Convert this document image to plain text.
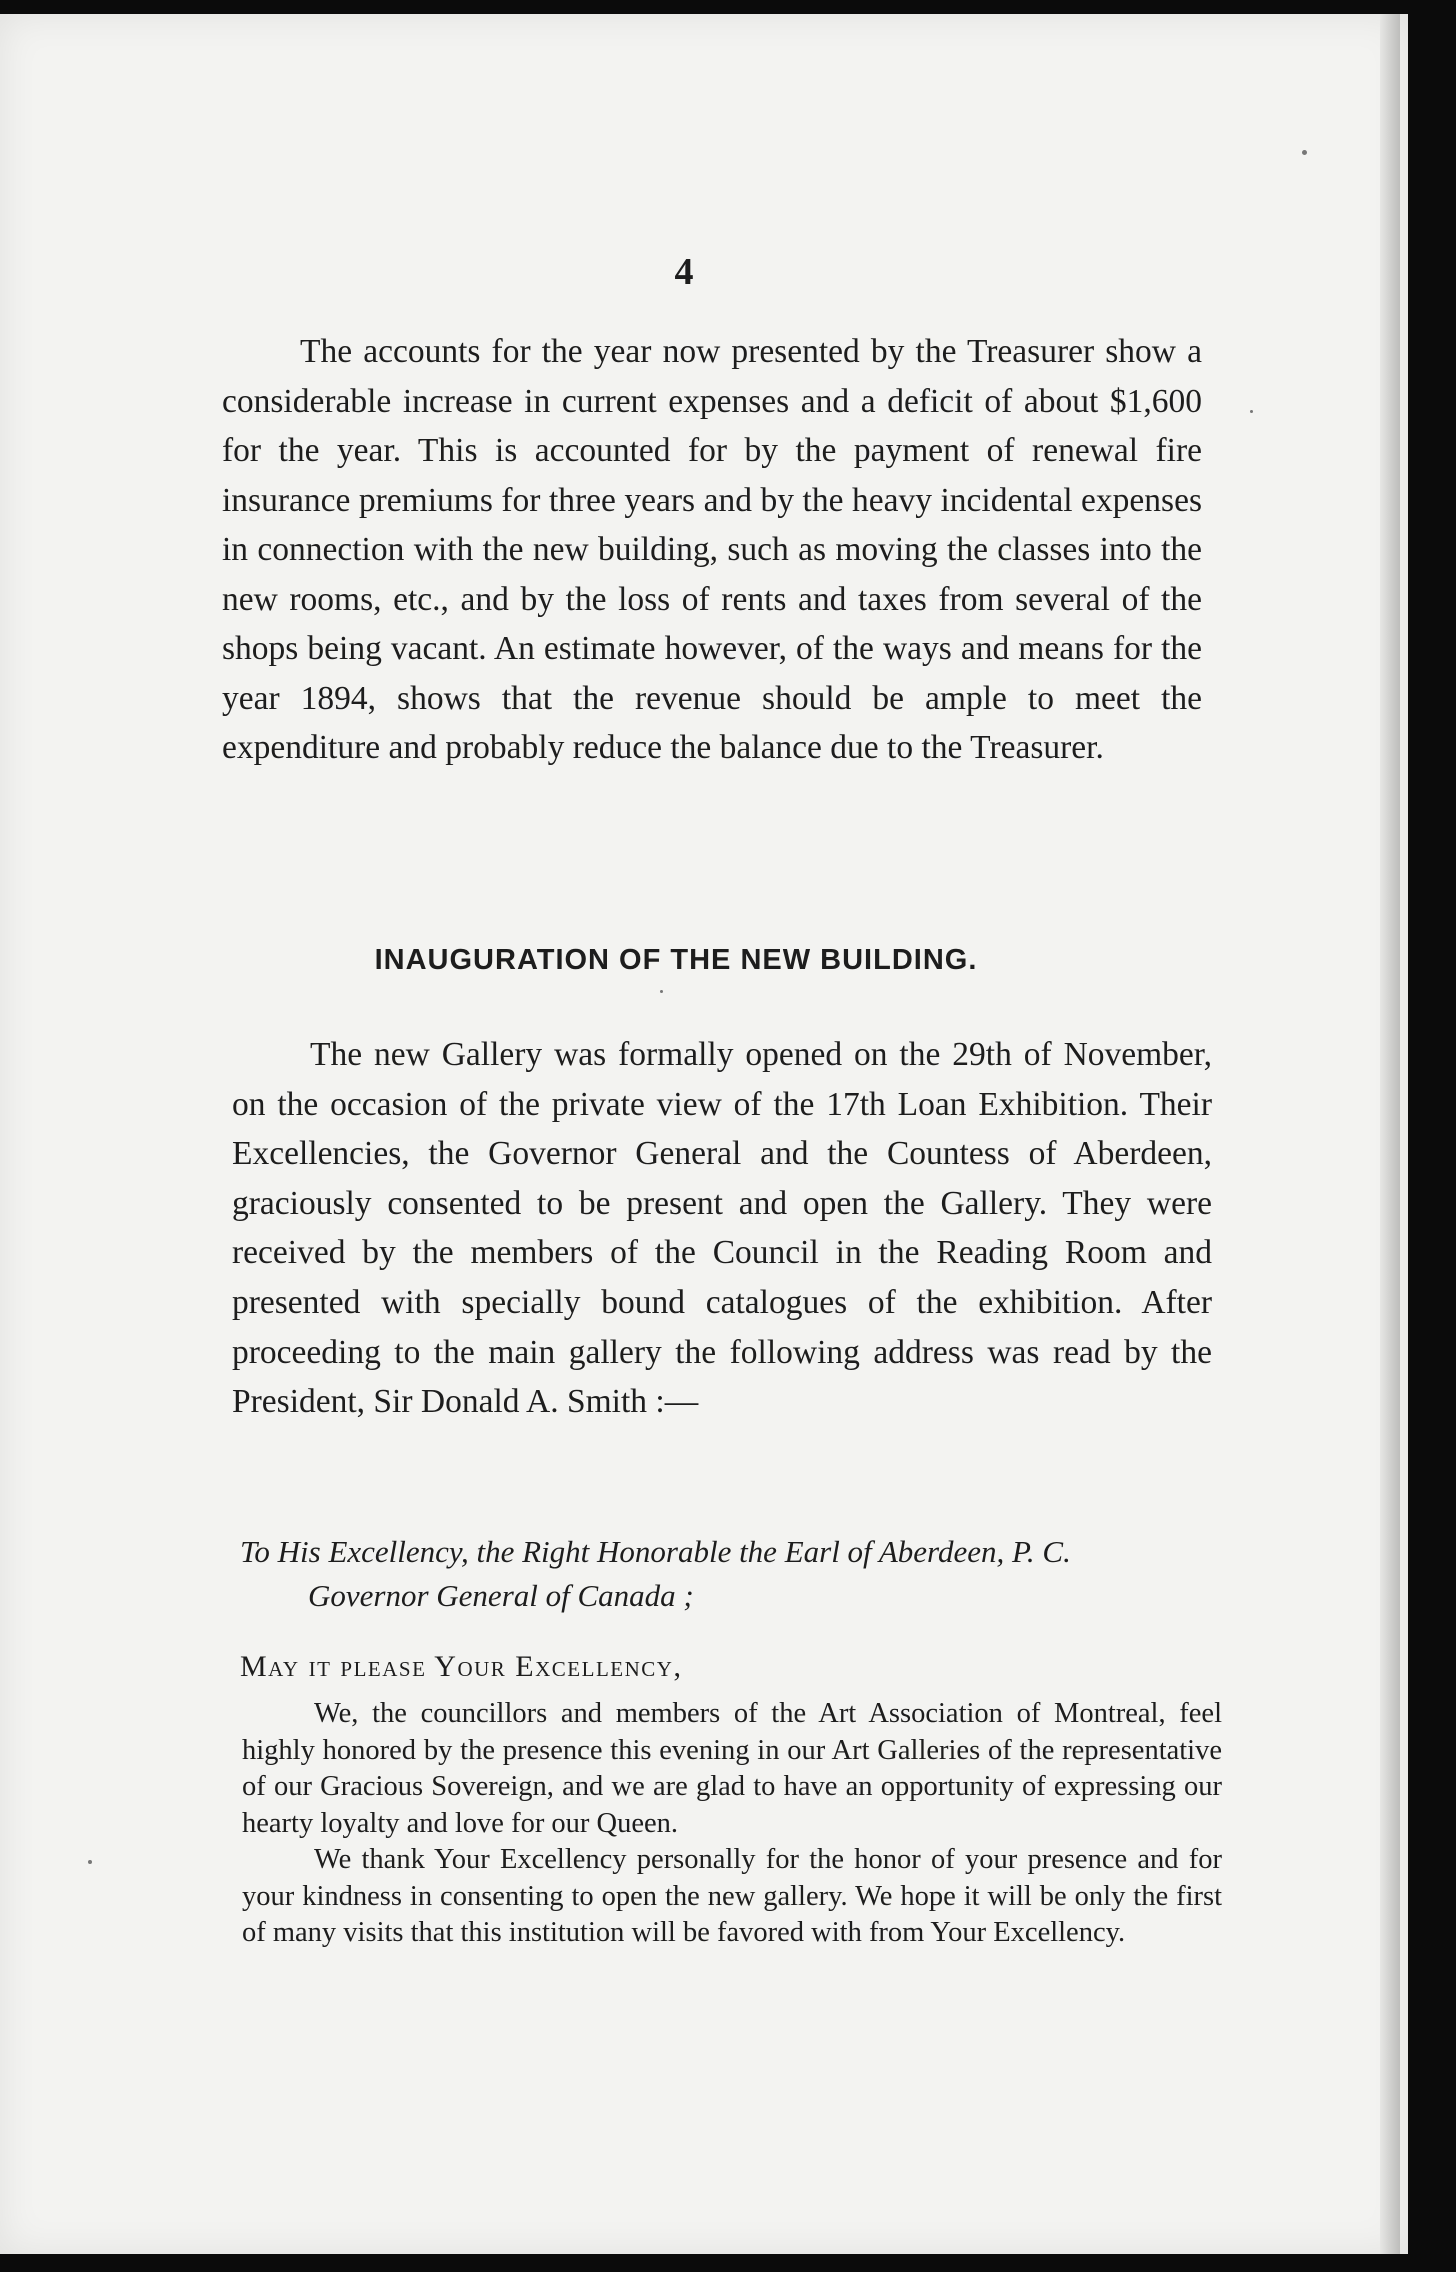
4

The accounts for the year now presented by the Treasurer show a considerable increase in current expenses and a deficit of about $1,600 for the year. This is accounted for by the payment of renewal fire insurance premiums for three years and by the heavy incidental expenses in connection with the new building, such as moving the classes into the new rooms, etc., and by the loss of rents and taxes from several of the shops being vacant. An estimate however, of the ways and means for the year 1894, shows that the revenue should be ample to meet the expenditure and probably reduce the balance due to the Treasurer.

INAUGURATION OF THE NEW BUILDING.

The new Gallery was formally opened on the 29th of November, on the occasion of the private view of the 17th Loan Exhibition. Their Excellencies, the Governor General and the Countess of Aberdeen, graciously consented to be present and open the Gallery. They were received by the members of the Council in the Reading Room and presented with specially bound catalogues of the exhibition. After proceeding to the main gallery the following address was read by the President, Sir Donald A. Smith :—

To His Excellency, the Right Honorable the Earl of Aberdeen, P. C.
Governor General of Canada ;
May it please Your Excellency,

We, the councillors and members of the Art Association of Montreal, feel highly honored by the presence this evening in our Art Galleries of the representative of our Gracious Sovereign, and we are glad to have an opportunity of expressing our hearty loyalty and love for our Queen.

We thank Your Excellency personally for the honor of your presence and for your kindness in consenting to open the new gallery. We hope it will be only the first of many visits that this institution will be favored with from Your Excellency.
